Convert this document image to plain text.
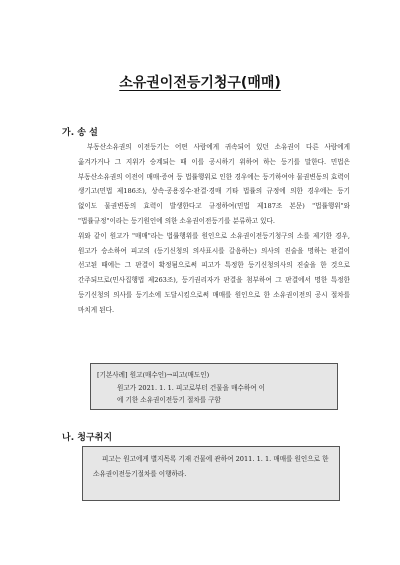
소유권이전등기청구(매매)
가. 송 설

부동산소유권의 이전등기는 어떤 사람에게 귀속되어 있던 소유권이 다른 사람에게 옮겨가거나 그 지위가 승계되는 때 이를 공시하기 위하여 하는 등기를 말한다. 민법은 부동산소유권의 이전이 매매·증여 등 법률행위로 인한 경우에는 등기하여야 물권변동의 효력이 생기고(민법 제186조), 상속·공용징수·판결·경매 기타 법률의 규정에 의한 경우에는 등기 없이도 물권변동의 효력이 발생한다고 규정하여(민법 제187조 본문) "법률행위"와 "법률규정"이라는 등기원인에 의한 소유권이전등기를 분류하고 있다.

위와 같이 원고가 "매매"라는 법률행위를 원인으로 소유권이전등기청구의 소를 제기한 경우, 원고가 승소하여 피고의 (등기신청의 의사표시를 갈음하는) 의사의 진술을 명하는 판결이 선고된 때에는 그 판결이 확정됨으로써 피고가 특정한 등기신청의사의 진술을 한 것으로 간주되므로(민사집행법 제263조), 등기권리자가 판결을 첨부하여 그 판결에서 명한 특정한 등기신청의 의사를 등기소에 도달시킴으로써 매매를 원인으로 한 소유권이전의 공시 절차를 마치게 된다.

[기본사례] 원고(매수인)→피고(매도인)
원고가 2021. 1. 1. 피고로부터 건물을 매수하여 이
에 기한 소유권이전등기 절차를 구함
나. 청구취지
피고는 원고에게 별지목록 기재 건물에 관하여 2011. 1. 1. 매매를 원인으로 한 소유권이전등기절차를 이행하라.
